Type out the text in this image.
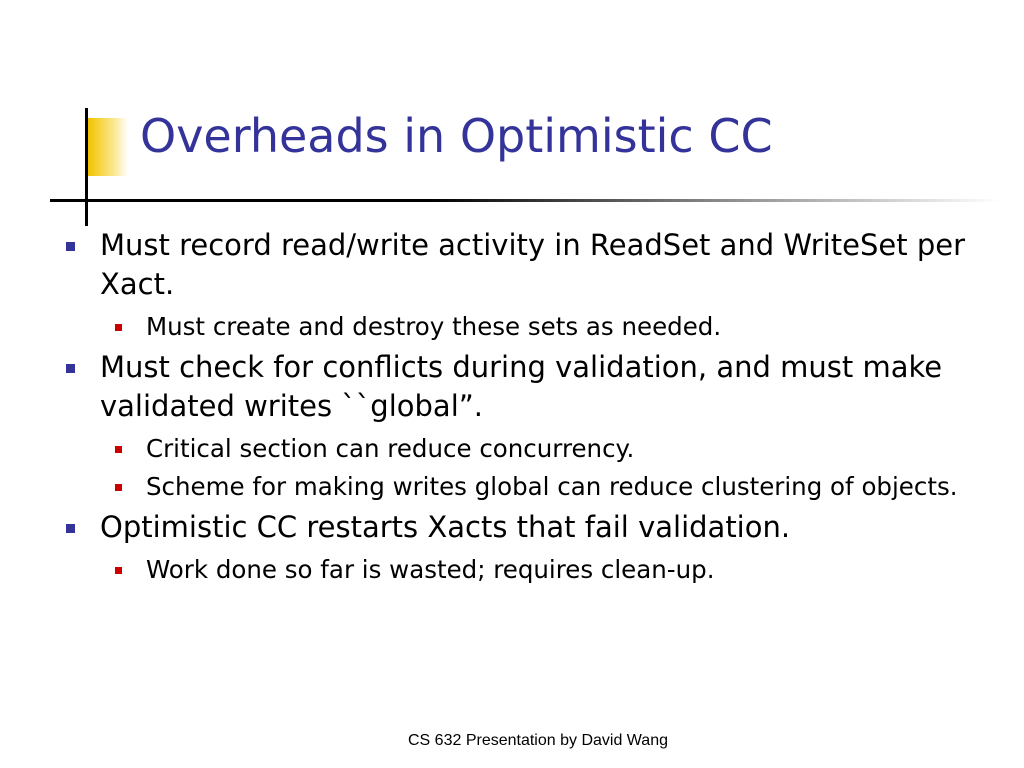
Overheads in Optimistic CC
Must record read/write activity in ReadSet and WriteSet per Xact.
Must create and destroy these sets as needed.
Must check for conflicts during validation, and must make validated writes ``global”.
Critical section can reduce concurrency.
Scheme for making writes global can reduce clustering of objects.
Optimistic CC restarts Xacts that fail validation.
Work done so far is wasted; requires clean-up.
CS 632 Presentation by David Wang
